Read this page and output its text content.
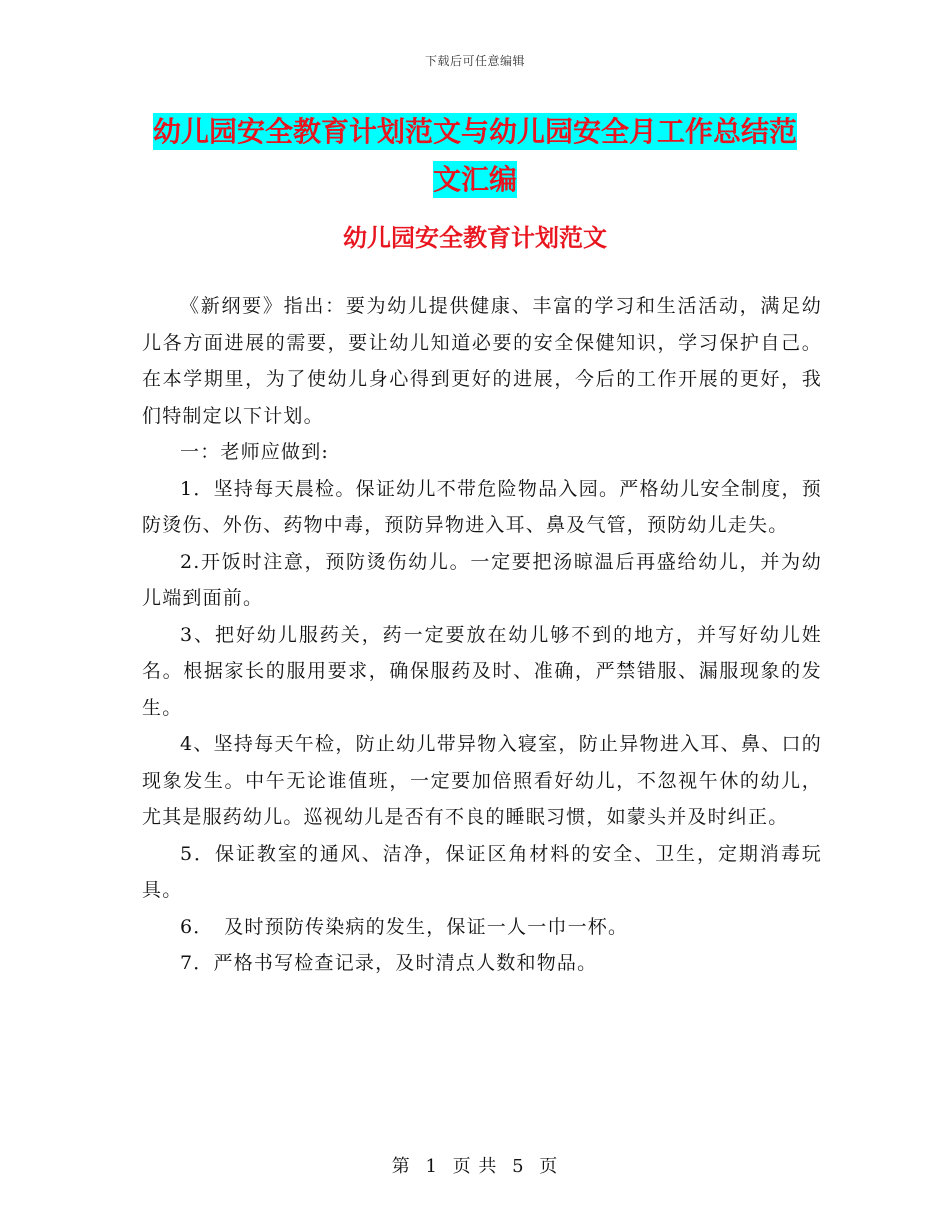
下载后可任意编辑
幼儿园安全教育计划范文与幼儿园安全月工作总结范
文汇编
幼儿园安全教育计划范文

《新纲要》指出：要为幼儿提供健康、丰富的学习和生活活动，满足幼儿各方面进展的需要，要让幼儿知道必要的安全保健知识，学习保护自己。在本学期里，为了使幼儿身心得到更好的进展，今后的工作开展的更好，我们特制定以下计划。

一：老师应做到:

1．坚持每天晨检。保证幼儿不带危险物品入园。严格幼儿安全制度，预防烫伤、外伤、药物中毒，预防异物进入耳、鼻及气管，预防幼儿走失。

2.开饭时注意，预防烫伤幼儿。一定要把汤晾温后再盛给幼儿，并为幼儿端到面前。

3、把好幼儿服药关，药一定要放在幼儿够不到的地方，并写好幼儿姓名。根据家长的服用要求，确保服药及时、准确，严禁错服、漏服现象的发生。

4、坚持每天午检，防止幼儿带异物入寝室，防止异物进入耳、鼻、口的现象发生。中午无论谁值班，一定要加倍照看好幼儿，不忽视午休的幼儿，尤其是服药幼儿。巡视幼儿是否有不良的睡眠习惯，如蒙头并及时纠正。

5．保证教室的通风、洁净，保证区角材料的安全、卫生，定期消毒玩具。

6．　及时预防传染病的发生，保证一人一巾一杯。

7．严格书写检查记录，及时清点人数和物品。

第 1 页 共 5 页
